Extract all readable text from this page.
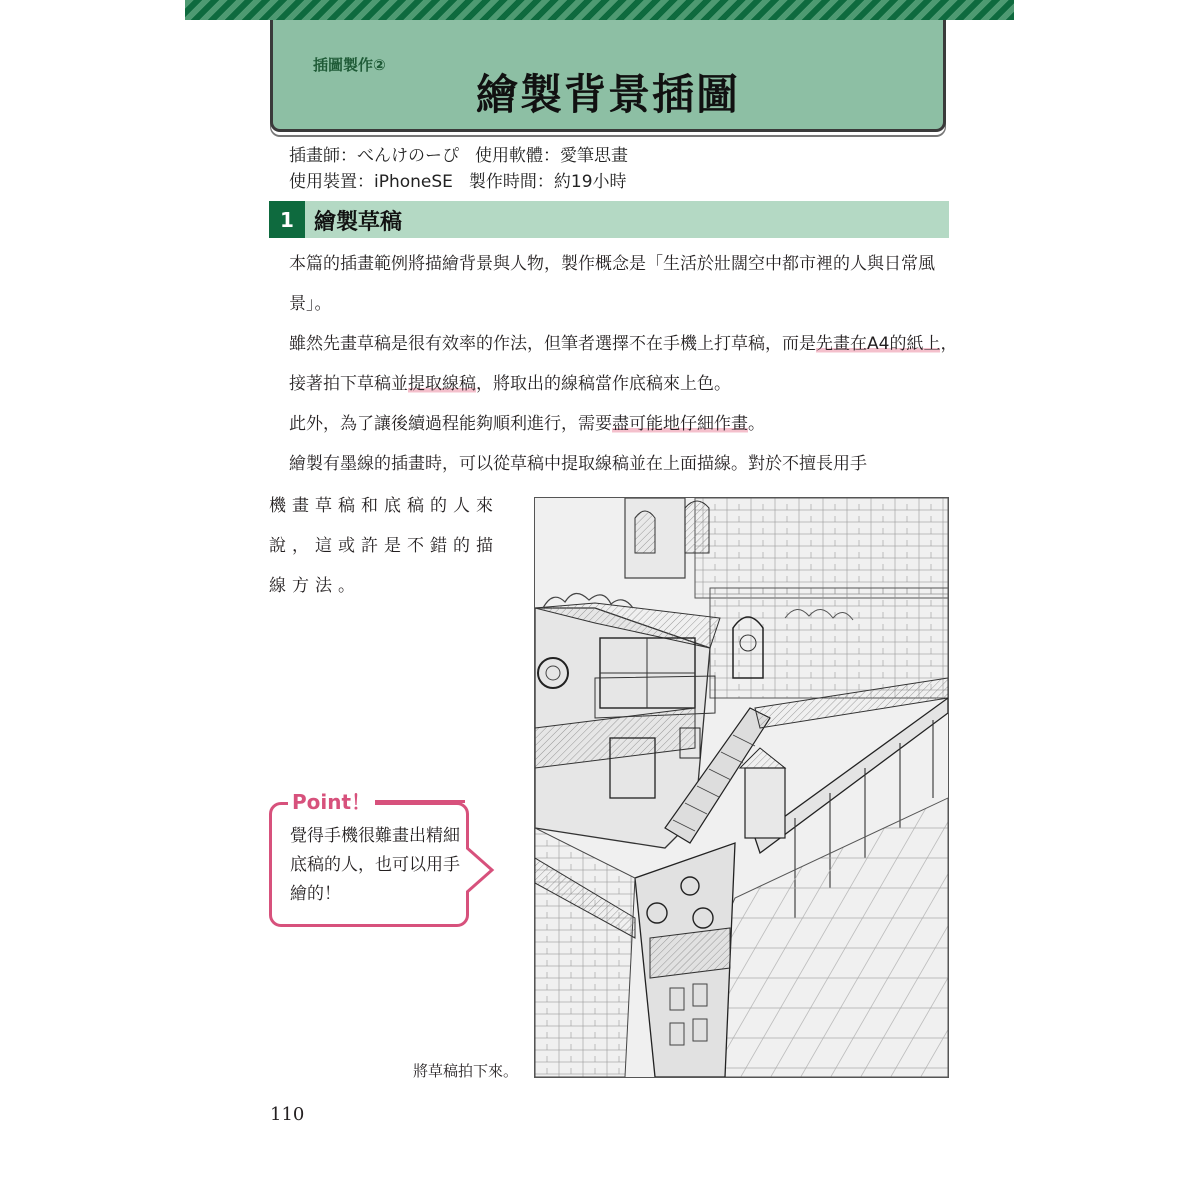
插圖製作②
繪製背景插圖
插畫師：べんけのーぴ 使用軟體：愛筆思畫
使用裝置：iPhoneSE 製作時間：約19小時
1 繪製草稿
本篇的插畫範例將描繪背景與人物，製作概念是「生活於壯闊空中都市裡的人與日常風景」。
雖然先畫草稿是很有效率的作法，但筆者選擇不在手機上打草稿，而是先畫在A4的紙上，接著拍下草稿並提取線稿，將取出的線稿當作底稿來上色。
此外，為了讓後續過程能夠順利進行，需要盡可能地仔細作畫。
繪製有墨線的插畫時，可以從草稿中提取線稿並在上面描線。對於不擅長用手
機畫草稿和底稿的人來說，這或許是不錯的描線方法。
Point！
覺得手機很難畫出精細底稿的人，也可以用手繪的！
將草稿拍下來。
110
